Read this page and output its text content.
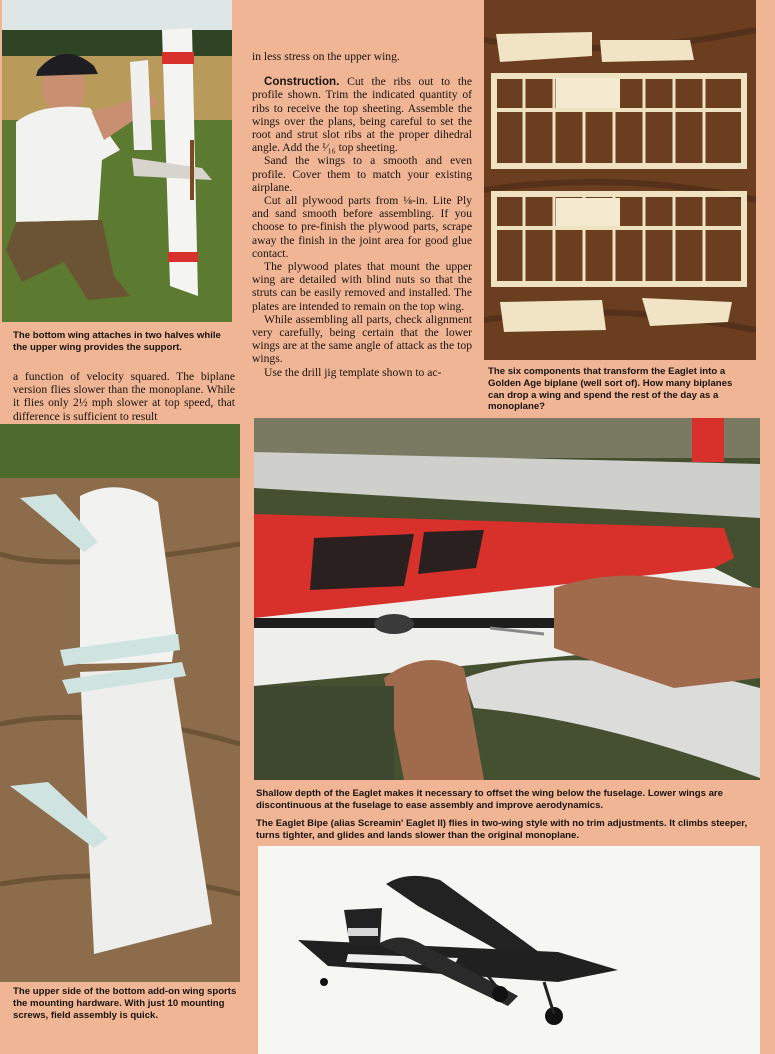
in less stress on the upper wing.

Construction. Cut the ribs out to the profile shown. Trim the indicated quantity of ribs to receive the top sheeting. Assemble the wings over the plans, being careful to set the root and strut slot ribs at the proper dihedral angle. Add the ¹⁄₁₆ top sheeting.

Sand the wings to a smooth and even profile. Cover them to match your existing airplane.

Cut all plywood parts from ⅛-in. Lite Ply and sand smooth before assembling. If you choose to pre-finish the plywood parts, scrape away the finish in the joint area for good glue contact.

The plywood plates that mount the upper wing are detailed with blind nuts so that the struts can be easily removed and installed. The plates are intended to remain on the top wing.

While assembling all parts, check alignment very carefully, being certain that the lower wings are at the same angle of attack as the top wings.

Use the drill jig template shown to ac-

a function of velocity squared. The biplane version flies slower than the monoplane. While it flies only 2½ mph slower at top speed, that difference is sufficient to result

The bottom wing attaches in two halves while the upper wing provides the support.
The six components that transform the Eaglet into a Golden Age biplane (well sort of). How many biplanes can drop a wing and spend the rest of the day as a monoplane?
Shallow depth of the Eaglet makes it necessary to offset the wing below the fuselage. Lower wings are discontinuous at the fuselage to ease assembly and improve aerodynamics.
The Eaglet Bipe (alias Screamin' Eaglet II) flies in two-wing style with no trim adjustments. It climbs steeper, turns tighter, and glides and lands slower than the original monoplane.
The upper side of the bottom add-on wing sports the mounting hardware. With just 10 mounting screws, field assembly is quick.
